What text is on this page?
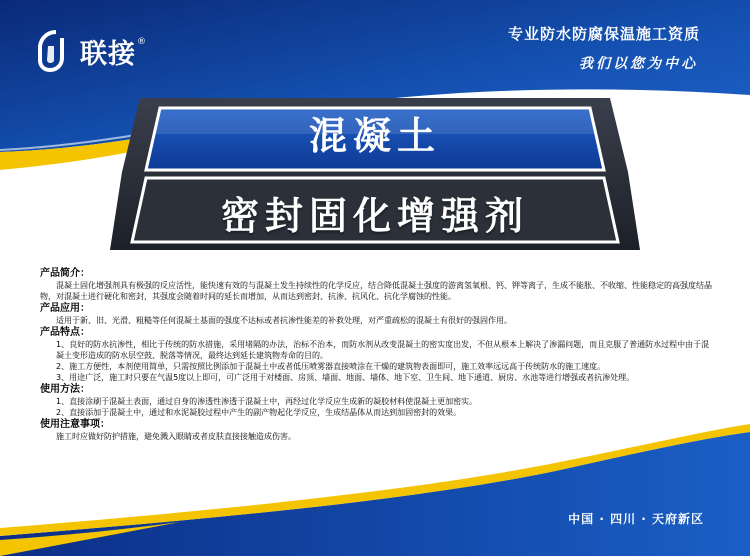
联接 ®	专业防水防腐保温施工资质
我们以您为中心
混凝土
密封固化增强剂
产品简介：
混凝土固化增强剂具有极强的反应活性，能快速有效的与混凝土发生持续性的化学反应，结合降低混凝土强度的游离氢氧根、钙、钾等离子，生成不能胀、不收缩、性能稳定的高强度结晶物，对混凝土进行硬化和密封，其强度会随着时间的延长而增加，从而达到密封、抗渗、抗风化、抗化学腐蚀的性能。
产品应用：
适用于新、旧、光滑、粗糙等任何混凝土基面的强度不达标或者抗渗性能差的补救处理，对严重疏松的混凝土有很好的强固作用。
产品特点：
1、良好的防水抗渗性，相比于传统的防水措施，采用堵隔的办法，治标不治本，而防水剂从改变混凝土的密实度出发，不但从根本上解决了渗漏问题，而且克服了普通防水过程中由于混凝土变形造成的防水层空鼓、脱落等情况，最终达到延长建筑物寿命的目的。
2、施工方便性，本剂使用简单，只需按照比例添加于混凝土中或者低压喷雾器直接喷涂在干燥的建筑物表面即可，施工效率远远高于传统防水的施工速度。
3、用途广泛，施工时只要在气温5度以上即可，可广泛用于对楼面、房顶、墙面、地面、墙体、地下室、卫生间、地下通道、厨房、水池等进行增强或者抗渗处理。
使用方法：
1、直接涂刷于混凝土表面，通过自身的渗透性渗透于混凝土中，再经过化学反应生成新的凝胶材料使混凝土更加密实。
2、直接添加于混凝土中，通过和水泥凝胶过程中产生的副产物起化学反应，生成结晶体从而达到加固密封的效果。
使用注意事项：
施工时应做好防护措施，避免溅入眼睛或者皮肤直接接触造成伤害。
中国 · 四川 · 天府新区
